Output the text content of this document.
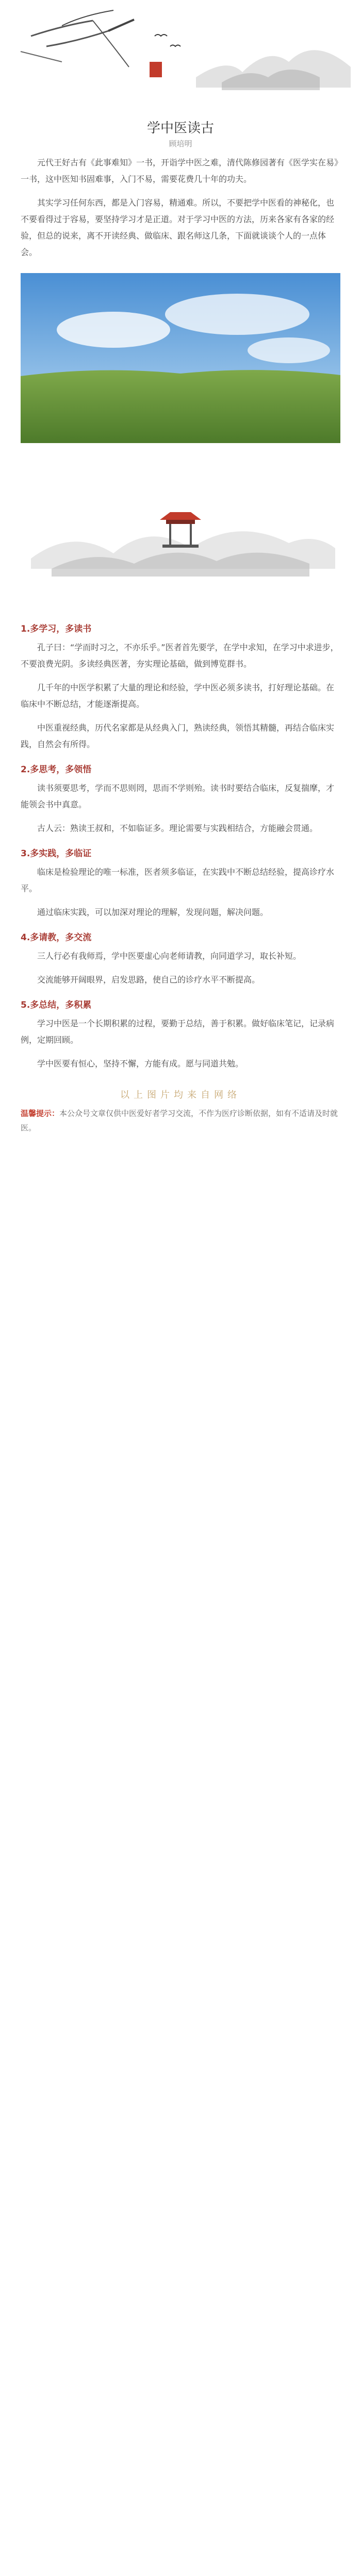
学中医读古
顾培明

元代王好古有《此事难知》一书，开诣学中医之难，清代陈修园著有《医学实在易》一书，这中医知书固难事，入门不易，需要花费几十年的功夫。

其实学习任何东西，都是入门容易，精通难。所以，不要把学中医看的神秘化，也不要看得过于容易，要坚持学习才是正道。对于学习中医的方法，历来各家有各家的经验，但总的说来，离不开读经典、做临床、跟名师这几条，下面就谈谈个人的一点体会。

1.多学习，多读书

孔子曰：“学而时习之，不亦乐乎。”医者首先要学，在学中求知，在学习中求进步，不要浪费光阴。多读经典医著，夯实理论基础，做到博览群书。

几千年的中医学积累了大量的理论和经验，学中医必须多读书，打好理论基础。在临床中不断总结，才能逐渐提高。

中医重视经典，历代名家都是从经典入门，熟读经典，领悟其精髓，再结合临床实践，自然会有所得。

2.多思考，多领悟

读书须要思考，学而不思则罔，思而不学则殆。读书时要结合临床，反复揣摩，才能领会书中真意。

古人云：熟读王叔和，不如临证多。理论需要与实践相结合，方能融会贯通。

3.多实践，多临证

临床是检验理论的唯一标准，医者须多临证，在实践中不断总结经验，提高诊疗水平。

通过临床实践，可以加深对理论的理解，发现问题，解决问题。

4.多请教，多交流

三人行必有我师焉，学中医要虚心向老师请教，向同道学习，取长补短。

交流能够开阔眼界，启发思路，使自己的诊疗水平不断提高。

5.多总结，多积累

学习中医是一个长期积累的过程，要勤于总结，善于积累。做好临床笔记，记录病例，定期回顾。

学中医要有恒心，坚持不懈，方能有成。愿与同道共勉。

以上图片均来自网络

温馨提示：本公众号文章仅供中医爱好者学习交流，不作为医疗诊断依据，如有不适请及时就医。
